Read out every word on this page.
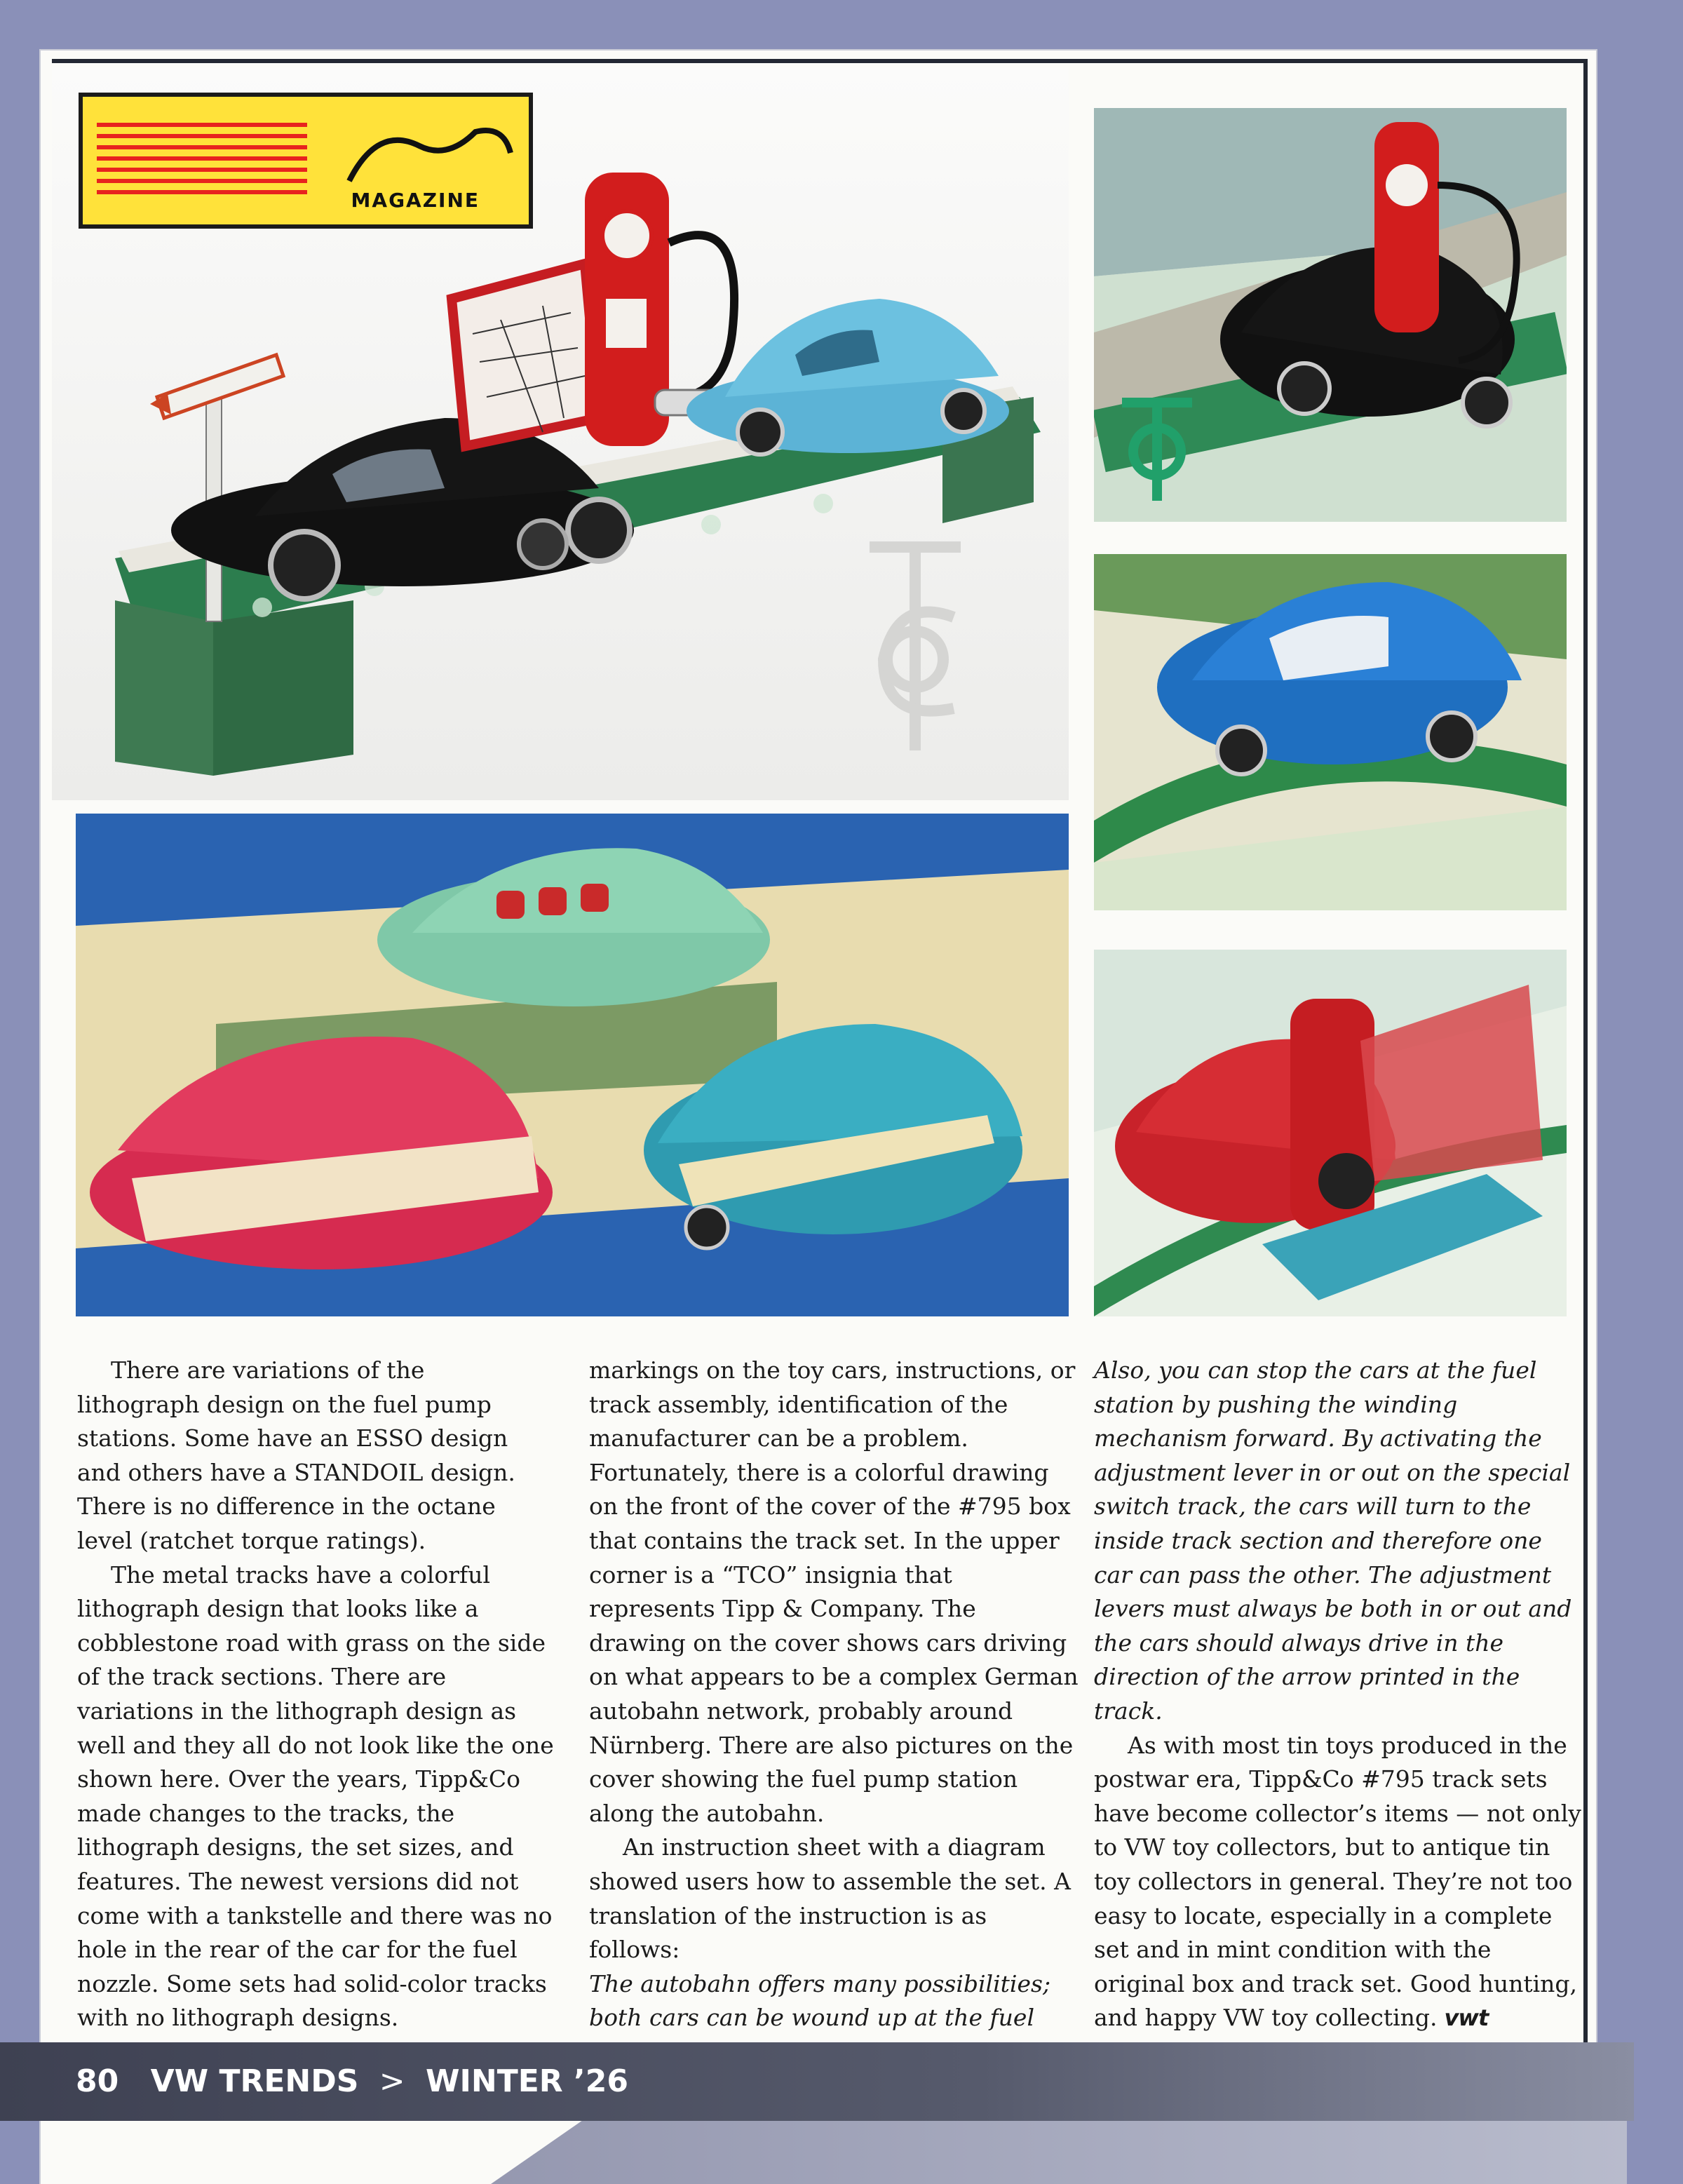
MAGAZINE

There are variations of the lithograph design on the fuel pump stations. Some have an ESSO design and others have a STANDOIL design. There is no difference in the octane level (ratchet torque ratings).

The metal tracks have a colorful lithograph design that looks like a cobblestone road with grass on the side of the track sections. There are variations in the lithograph design as well and they all do not look like the one shown here. Over the years, Tipp&Co made changes to the tracks, the lithograph designs, the set sizes, and features. The newest versions did not come with a tankstelle and there was no hole in the rear of the car for the fuel nozzle. Some sets had solid-color tracks with no lithograph designs.

markings on the toy cars, instructions, or track assembly, identification of the manufacturer can be a problem. Fortunately, there is a colorful drawing on the front of the cover of the #795 box that contains the track set. In the upper corner is a “TCO” insignia that represents Tipp & Company. The drawing on the cover shows cars driving on what appears to be a complex German autobahn network, probably around Nürnberg. There are also pictures on the cover showing the fuel pump station along the autobahn.

An instruction sheet with a diagram showed users how to assemble the set. A translation of the instruction is as follows:

The autobahn offers many possibilities; both cars can be wound up at the fuel

Also, you can stop the cars at the fuel station by pushing the winding mechanism forward. By activating the adjustment lever in or out on the special switch track, the cars will turn to the inside track section and therefore one car can pass the other. The adjustment levers must always be both in or out and the cars should always drive in the direction of the arrow printed in the track.

As with most tin toys produced in the postwar era, Tipp&Co #795 track sets have become collector’s items — not only to VW toy collectors, but to antique tin toy collectors in general. They’re not too easy to locate, especially in a complete set and in mint condition with the original box and track set. Good hunting, and happy VW toy collecting. vwt

80 VW TRENDS > WINTER ’26
